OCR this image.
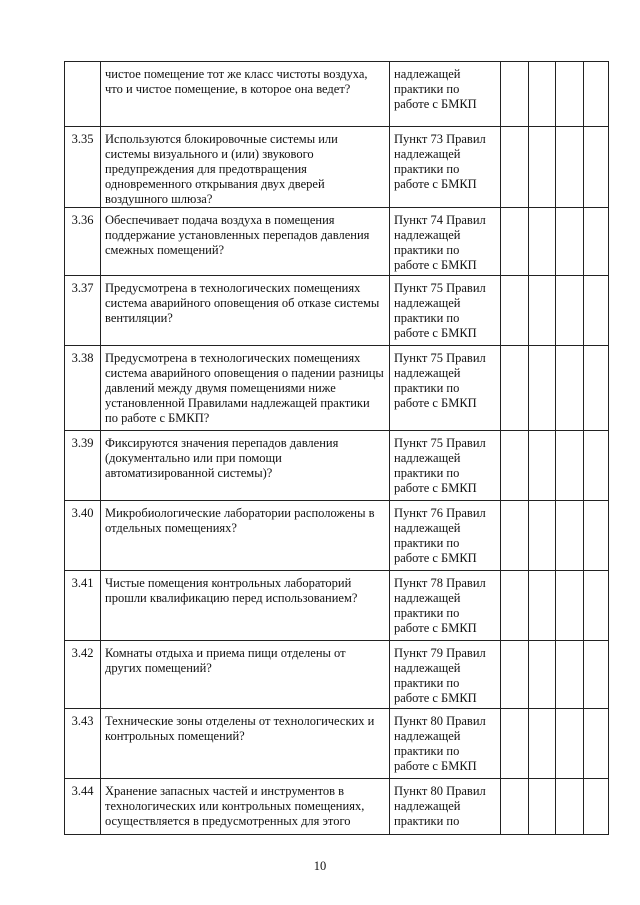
	чистое помещение тот же класс чистоты воздуха, что и чистое помещение, в которое она ведет?	надлежащей практики по работе с БМКП				
3.35	Используются блокировочные системы или системы визуального и (или) звукового предупреждения для предотвращения одновременного открывания двух дверей воздушного шлюза?	Пункт 73 Правил надлежащей практики по работе с БМКП				
3.36	Обеспечивает подача воздуха в помещения поддержание установленных перепадов давления смежных помещений?	Пункт 74 Правил надлежащей практики по работе с БМКП				
3.37	Предусмотрена в технологических помещениях система аварийного оповещения об отказе системы вентиляции?	Пункт 75 Правил надлежащей практики по работе с БМКП				
3.38	Предусмотрена в технологических помещениях система аварийного оповещения о падении разницы давлений между двумя помещениями ниже установленной Правилами надлежащей практики по работе с БМКП?	Пункт 75 Правил надлежащей практики по работе с БМКП				
3.39	Фиксируются значения перепадов давления (документально или при помощи автоматизированной системы)?	Пункт 75 Правил надлежащей практики по работе с БМКП				
3.40	Микробиологические лаборатории расположены в отдельных помещениях?	Пункт 76 Правил надлежащей практики по работе с БМКП				
3.41	Чистые помещения контрольных лабораторий прошли квалификацию перед использованием?	Пункт 78 Правил надлежащей практики по работе с БМКП				
3.42	Комнаты отдыха и приема пищи отделены от других помещений?	Пункт 79 Правил надлежащей практики по работе с БМКП				
3.43	Технические зоны отделены от технологических и контрольных помещений?	Пункт 80 Правил надлежащей практики по работе с БМКП				
3.44	Хранение запасных частей и инструментов в технологических или контрольных помещениях, осуществляется в предусмотренных для этого	Пункт 80 Правил надлежащей практики по				
10
